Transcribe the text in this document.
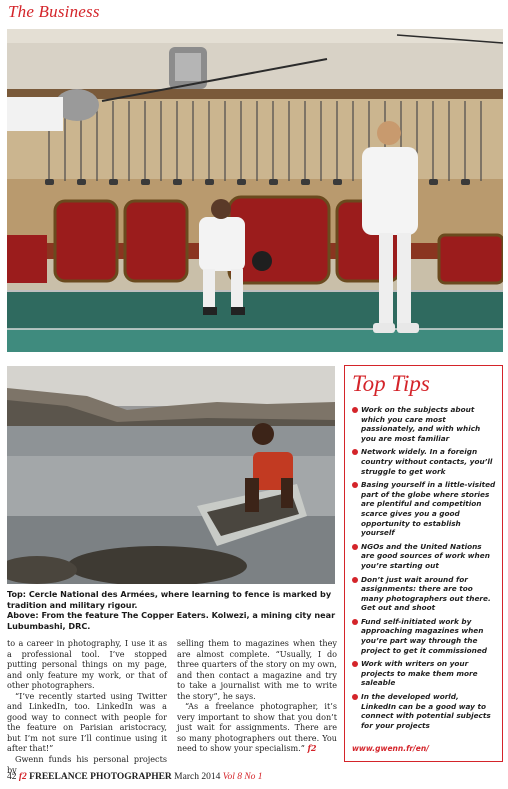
The Business
Top: Cercle National des Armées, where learning to fence is marked by tradition and military rigour.
Above: From the feature The Copper Eaters. Kolwezi, a mining city near Lubumbashi, DRC.

to a career in photography, I use it as a professional tool. I’ve stopped putting personal things on my page, and only feature my work, or that of other photographers.

“I’ve recently started using Twitter and LinkedIn, too. LinkedIn was a good way to connect with people for the feature on Parisian aristocracy, but I’m not sure I’ll continue using it after that!”

Gwenn funds his personal projects by

selling them to magazines when they are almost complete. “Usually, I do three quarters of the story on my own, and then contact a magazine and try to take a journalist with me to write the story”, he says.

“As a freelance photographer, it’s very important to show that you don’t just wait for assignments. There are so many photographers out there. You need to show your specialism.” f2

Top Tips
Work on the subjects about which you care most passionately, and with which you are most familiar
Network widely. In a foreign country without contacts, you’ll struggle to get work
Basing yourself in a little-visited part of the globe where stories are plentiful and competition scarce gives you a good opportunity to establish yourself
NGOs and the United Nations are good sources of work when you’re starting out
Don’t just wait around for assignments: there are too many photographers out there. Get out and shoot
Fund self-initiated work by approaching magazines when you’re part way through the project to get it commissioned
Work with writers on your projects to make them more saleable
In the developed world, LinkedIn can be a good way to connect with potential subjects for your projects
www.gwenn.fr/en/
42 f2 FREELANCE PHOTOGRAPHER March 2014 Vol 8 No 1
